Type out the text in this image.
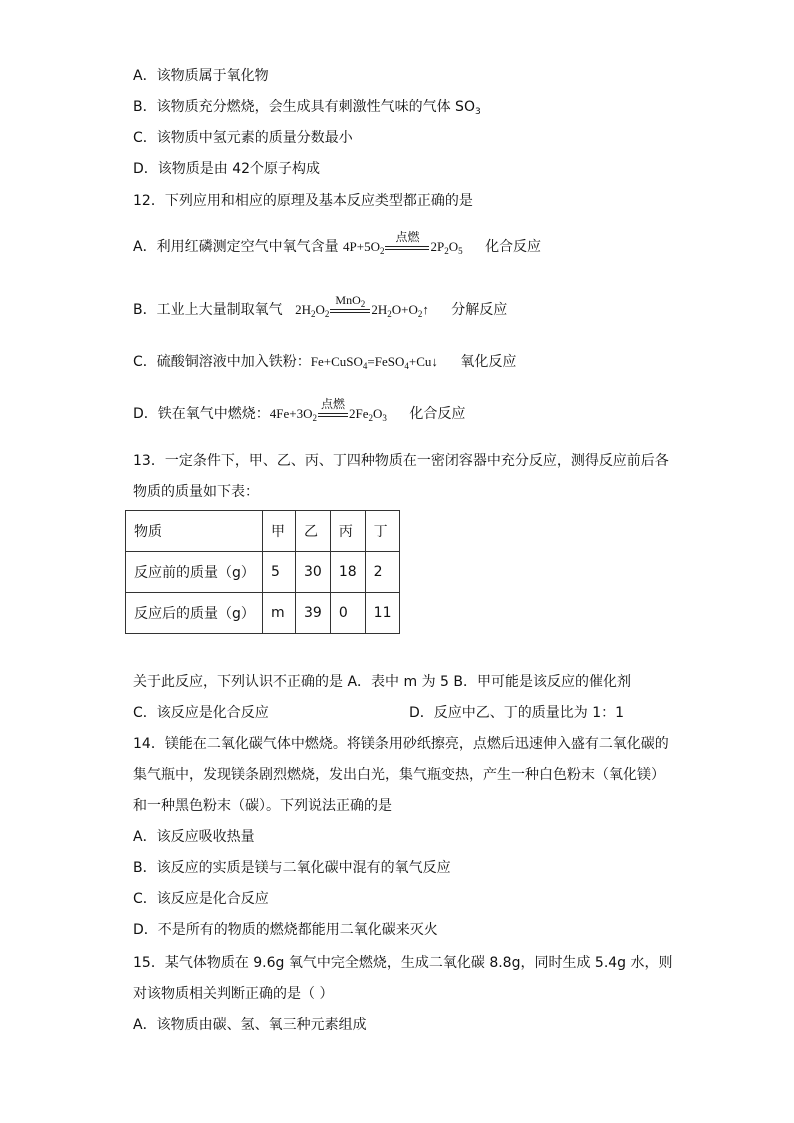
A．该物质属于氧化物
B．该物质充分燃烧，会生成具有刺激性气味的气体 $SO_3$
C．该物质中氢元素的质量分数最小
D．该物质是由 42个原子构成
12．下列应用和相应的原理及基本反应类型都正确的是
A．利用红磷测定空气中氧气含量 $4P+5O_2$
点燃
$2P_2O_5$ 化合反应
B．工业上大量制取氧气 $2H_2O_2$
MnO$_2$ $2H_2O+O_2↑$ 分解反应
C．硫酸铜溶液中加入铁粉：Fe+CuSO$_4$=FeSO$_4$+Cu↓ 氧化反应
D．铁在氧气中燃烧：$4Fe+3O_2$
点燃
$2Fe_2O_3$ 化合反应
13．一定条件下，甲、乙、丙、丁四种物质在一密闭容器中充分反应，测得反应前后各
物质的质量如下表：
物质	甲	乙	丙	丁
反应前的质量（g）	5	30	18	2
反应后的质量（g）	m	39	0	11
关于此反应，下列认识不正确的是 A．表中 m 为 5 B．甲可能是该反应的催化剂
C．该反应是化合反应	D．反应中乙、丁的质量比为 1：1
14．镁能在二氧化碳气体中燃烧。将镁条用砂纸擦亮，点燃后迅速伸入盛有二氧化碳的
集气瓶中，发现镁条剧烈燃烧，发出白光，集气瓶变热，产生一种白色粉末（氧化镁）
和一种黑色粉末（碳）。下列说法正确的是
A．该反应吸收热量
B．该反应的实质是镁与二氧化碳中混有的氧气反应
C．该反应是化合反应
D．不是所有的物质的燃烧都能用二氧化碳来灭火
15．某气体物质在 9.6g 氧气中完全燃烧，生成二氧化碳 8.8g，同时生成 5.4g 水，则
对该物质相关判断正确的是（ ）
A．该物质由碳、氢、氧三种元素组成
